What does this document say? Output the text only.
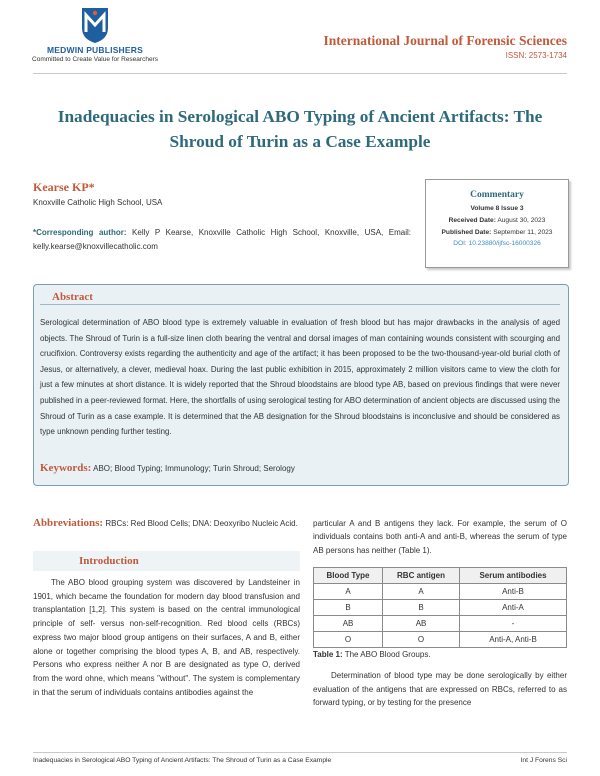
MEDWIN PUBLISHERS
Committed to Create Value for Researchers
International Journal of Forensic Sciences
ISSN: 2573-1734
Inadequacies in Serological ABO Typing of Ancient Artifacts: The Shroud of Turin as a Case Example
Kearse KP*
Knoxville Catholic High School, USA
*Corresponding author: Kelly P Kearse, Knoxville Catholic High School, Knoxville, USA, Email: kelly.kearse@knoxvillecatholic.com
Commentary
Volume 8 Issue 3
Received Date: August 30, 2023
Published Date: September 11, 2023
DOI: 10.23880/ijfsc-16000326
Abstract
Serological determination of ABO blood type is extremely valuable in evaluation of fresh blood but has major drawbacks in the analysis of aged objects. The Shroud of Turin is a full-size linen cloth bearing the ventral and dorsal images of man containing wounds consistent with scourging and crucifixion. Controversy exists regarding the authenticity and age of the artifact; it has been proposed to be the two-thousand-year-old burial cloth of Jesus, or alternatively, a clever, medieval hoax. During the last public exhibition in 2015, approximately 2 million visitors came to view the cloth for just a few minutes at short distance. It is widely reported that the Shroud bloodstains are blood type AB, based on previous findings that were never published in a peer-reviewed format. Here, the shortfalls of using serological testing for ABO determination of ancient objects are discussed using the Shroud of Turin as a case example. It is determined that the AB designation for the Shroud bloodstains is inconclusive and should be considered as type unknown pending further testing.
Keywords: ABO; Blood Typing; Immunology; Turin Shroud; Serology
Abbreviations: RBCs: Red Blood Cells; DNA: Deoxyribo Nucleic Acid.
Introduction
The ABO blood grouping system was discovered by Landsteiner in 1901, which became the foundation for modern day blood transfusion and transplantation [1,2]. This system is based on the central immunological principle of self- versus non-self-recognition. Red blood cells (RBCs) express two major blood group antigens on their surfaces, A and B, either alone or together comprising the blood types A, B, and AB, respectively. Persons who express neither A nor B are designated as type O, derived from the word ohne, which means "without". The system is complementary in that the serum of individuals contains antibodies against the
particular A and B antigens they lack. For example, the serum of O individuals contains both anti-A and anti-B, whereas the serum of type AB persons has neither (Table 1).
Blood Type	RBC antigen	Serum antibodies
A	A	Anti-B
B	B	Anti-A
AB	AB	-
O	O	Anti-A, Anti-B
Table 1: The ABO Blood Groups.
Determination of blood type may be done serologically by either evaluation of the antigens that are expressed on RBCs, referred to as forward typing, or by testing for the presence
Inadequacies in Serological ABO Typing of Ancient Artifacts: The Shroud of Turin as a Case Example	Int J Forens Sci
